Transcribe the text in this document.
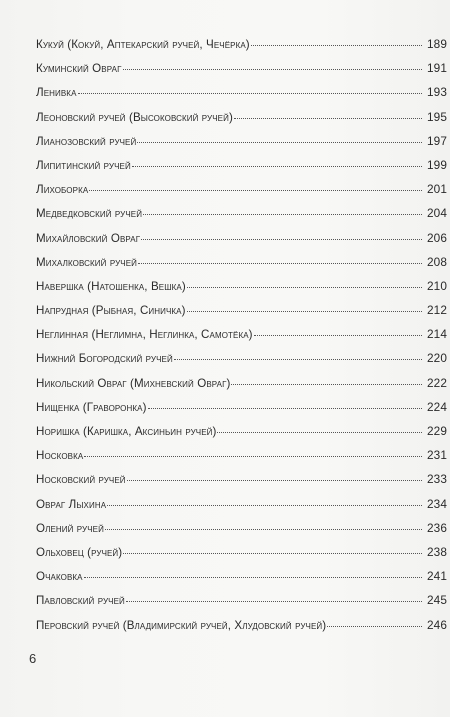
Кукуй (Кокуй, Аптекарский ручей, Чечёрка)	189
Куминский Овраг	191
Ленивка	193
Леоновский ручей (Высоковский ручей)	195
Лианозовский ручей	197
Липитинский ручей	199
Лихоборка	201
Медведковский ручей	204
Михайловский Овраг	206
Михалковский ручей	208
Навершка (Натошенка, Вешка)	210
Напрудная (Рыбная, Синичка)	212
Неглинная (Неглимна, Неглинка, Самотёка)	214
Нижний Богородский ручей	220
Никольский Овраг (Михневский Овраг)	222
Нищенка (Граворонка)	224
Норишка (Каришка, Аксиньин ручей)	229
Носковка	231
Носковский ручей	233
Овраг Лыхина	234
Олений ручей	236
Ольховец (ручей)	238
Очаковка	241
Павловский ручей	245
Перовский ручей (Владимирский ручей, Хлудовский ручей)	246
6
